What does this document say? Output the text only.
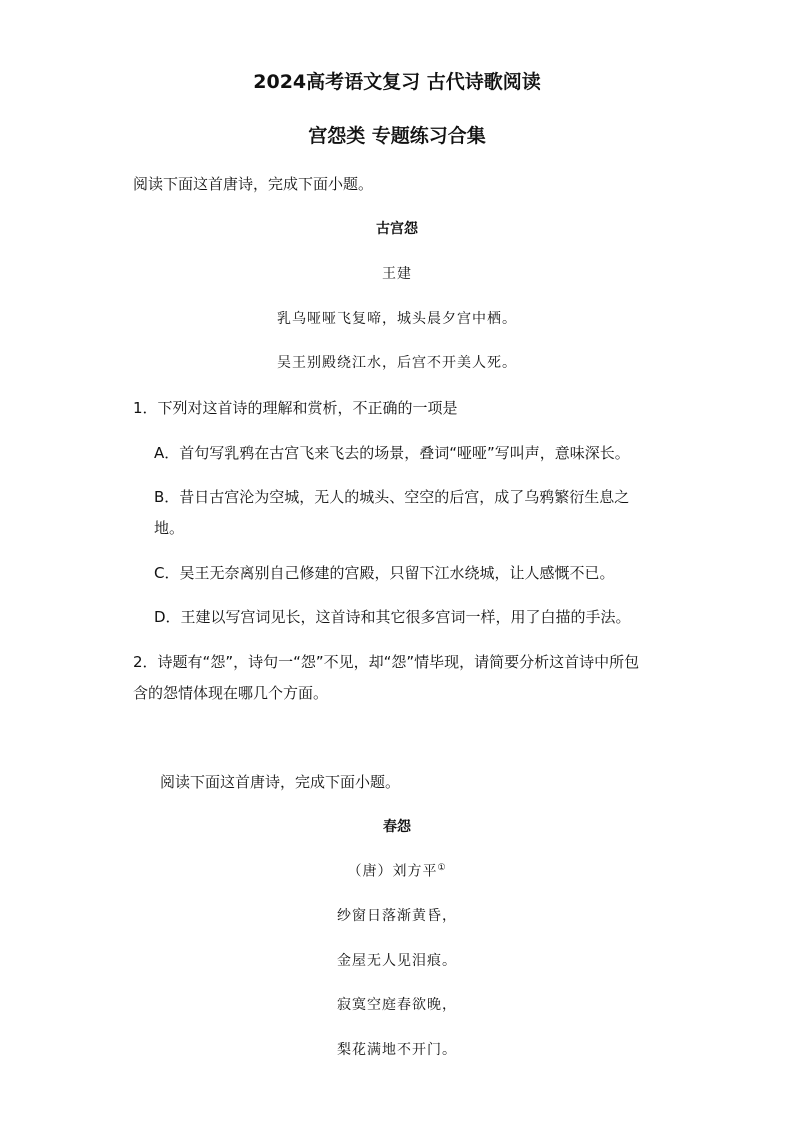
2024高考语文复习 古代诗歌阅读
宫怨类 专题练习合集
阅读下面这首唐诗，完成下面小题。
古宫怨
王建
乳乌哑哑飞复啼，城头晨夕宫中栖。
吴王别殿绕江水，后宫不开美人死。
1．下列对这首诗的理解和赏析，不正确的一项是
A．首句写乳鸦在古宫飞来飞去的场景，叠词“哑哑”写叫声，意味深长。
B．昔日古宫沦为空城，无人的城头、空空的后宫，成了乌鸦繁衍生息之
地。
C．吴王无奈离别自己修建的宫殿，只留下江水绕城，让人感慨不已。
D．王建以写宫词见长，这首诗和其它很多宫词一样，用了白描的手法。
2．诗题有“怨”，诗句一“怨”不见，却“怨”情毕现，请简要分析这首诗中所包
含的怨情体现在哪几个方面。
阅读下面这首唐诗，完成下面小题。
春怨
（唐）刘方平①
纱窗日落渐黄昏，
金屋无人见泪痕。
寂寞空庭春欲晚，
梨花满地不开门。
